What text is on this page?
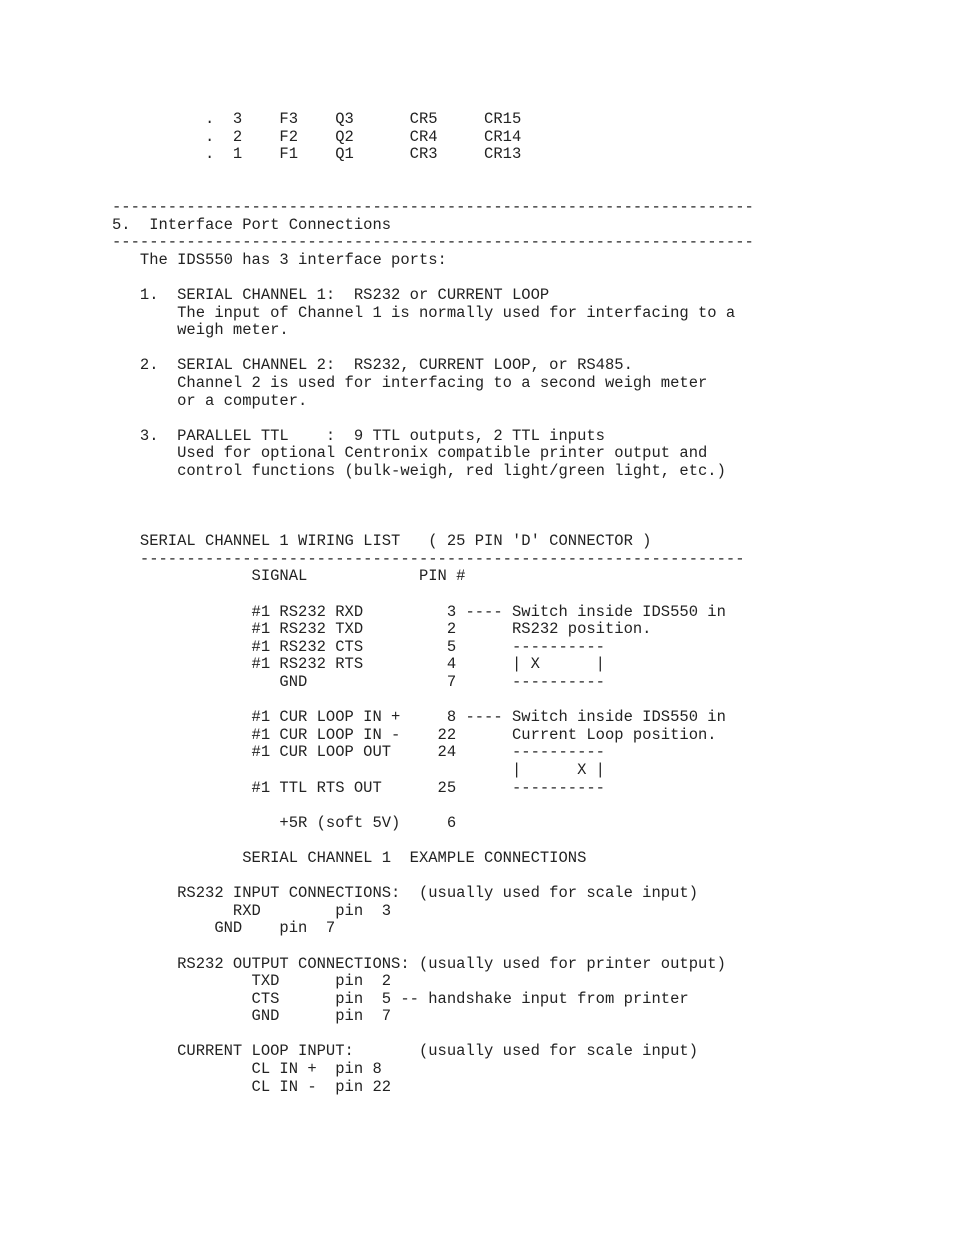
.  3    F3    Q3      CR5     CR15
.  2    F2    Q2      CR4     CR14
.  1    F1    Q1      CR3     CR13
---------------------------------------------------------------------
5.  Interface Port Connections
---------------------------------------------------------------------
The IDS550 has 3 interface ports:
1.  SERIAL CHANNEL 1:  RS232 or CURRENT LOOP
The input of Channel 1 is normally used for interfacing to a
weigh meter.
2.  SERIAL CHANNEL 2:  RS232, CURRENT LOOP, or RS485.
Channel 2 is used for interfacing to a second weigh meter
or a computer.
3.  PARALLEL TTL    :  9 TTL outputs, 2 TTL inputs
Used for optional Centronix compatible printer output and
control functions (bulk-weigh, red light/green light, etc.)
SERIAL CHANNEL 1 WIRING LIST   ( 25 PIN 'D' CONNECTOR )
-----------------------------------------------------------------
SIGNAL            PIN #
#1 RS232 RXD         3 ---- Switch inside IDS550 in
#1 RS232 TXD         2      RS232 position.
#1 RS232 CTS         5      ----------
#1 RS232 RTS         4      | X      |
GND               7      ----------
#1 CUR LOOP IN +     8 ---- Switch inside IDS550 in
#1 CUR LOOP IN -    22      Current Loop position.
#1 CUR LOOP OUT     24      ----------
|      X |
#1 TTL RTS OUT      25      ----------
+5R (soft 5V)     6
SERIAL CHANNEL 1  EXAMPLE CONNECTIONS
RS232 INPUT CONNECTIONS:  (usually used for scale input)
RXD        pin  3
GND    pin  7
RS232 OUTPUT CONNECTIONS: (usually used for printer output)
TXD      pin  2
CTS      pin  5 -- handshake input from printer
GND      pin  7
CURRENT LOOP INPUT:       (usually used for scale input)
CL IN +  pin 8
CL IN -  pin 22
